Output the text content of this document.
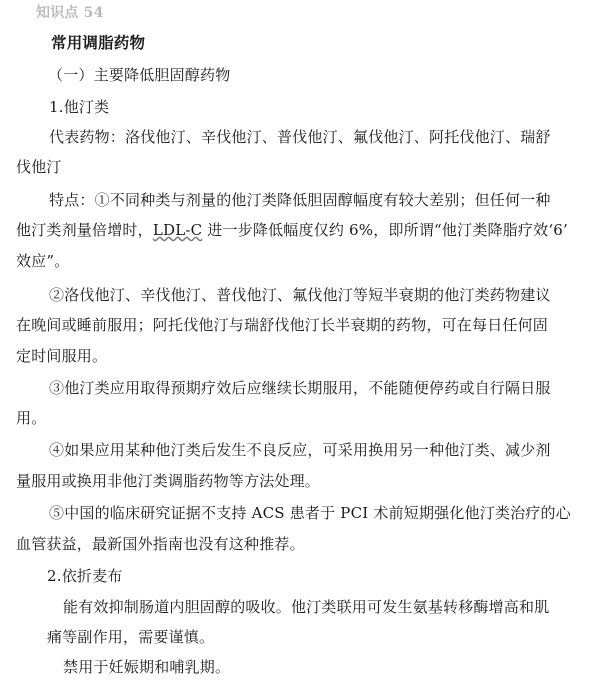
知识点 54
常用调脂药物
（一）主要降低胆固醇药物
1.他汀类
代表药物：洛伐他汀、辛伐他汀、普伐他汀、氟伐他汀、阿托伐他汀、瑞舒
伐他汀
特点：①不同种类与剂量的他汀类降低胆固醇幅度有较大差别；但任何一种
他汀类剂量倍增时，LDL-C 进一步降低幅度仅约 6%，即所谓“他汀类降脂疗效‘6’
效应”。
②洛伐他汀、辛伐他汀、普伐他汀、氟伐他汀等短半衰期的他汀类药物建议
在晚间或睡前服用；阿托伐他汀与瑞舒伐他汀长半衰期的药物，可在每日任何固
定时间服用。
③他汀类应用取得预期疗效后应继续长期服用，不能随便停药或自行隔日服
用。
④如果应用某种他汀类后发生不良反应，可采用换用另一种他汀类、减少剂
量服用或换用非他汀类调脂药物等方法处理。
⑤中国的临床研究证据不支持 ACS 患者于 PCI 术前短期强化他汀类治疗的心
血管获益，最新国外指南也没有这种推荐。
2.依折麦布
能有效抑制肠道内胆固醇的吸收。他汀类联用可发生氨基转移酶增高和肌
痛等副作用，需要谨慎。
禁用于妊娠期和哺乳期。
